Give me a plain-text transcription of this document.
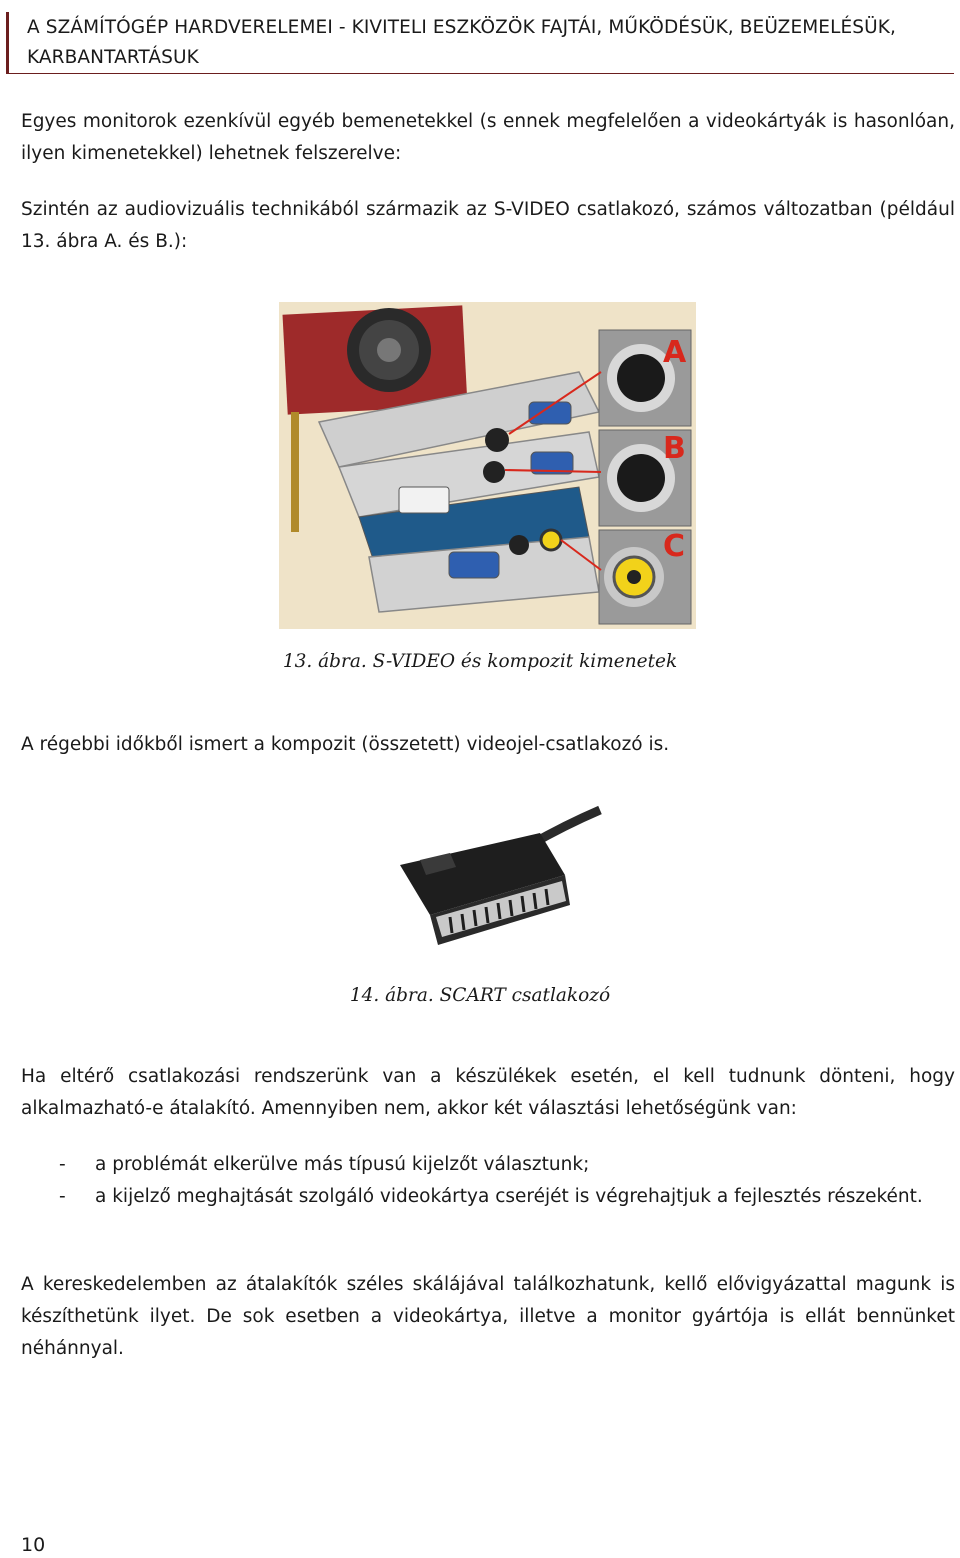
A SZÁMÍTÓGÉP HARDVERELEMEI - KIVITELI ESZKÖZÖK FAJTÁI, MŰKÖDÉSÜK, BEÜZEMELÉSÜK, KARBANTARTÁSUK

Egyes monitorok ezenkívül egyéb bemenetekkel (s ennek megfelelően a videokártyák is hasonlóan, ilyen kimenetekkel) lehetnek felszerelve:

Szintén az audiovizuális technikából származik az S-VIDEO csatlakozó, számos változatban (például 13. ábra A. és B.):

A
B
C
13. ábra. S-VIDEO és kompozit kimenetek

A régebbi időkből ismert a kompozit (összetett) videojel-csatlakozó is.

14. ábra. SCART csatlakozó

Ha eltérő csatlakozási rendszerünk van a készülékek esetén, el kell tudnunk dönteni, hogy alkalmazható-e átalakító. Amennyiben nem, akkor két választási lehetőségünk van:

- a problémát elkerülve más típusú kijelzőt választunk;
- a kijelző meghajtását szolgáló videokártya cseréjét is végrehajtjuk a fejlesztés részeként.

A kereskedelemben az átalakítók széles skálájával találkozhatunk, kellő elővigyázattal magunk is készíthetünk ilyet. De sok esetben a videokártya, illetve a monitor gyártója is ellát bennünket néhánnyal.

10
